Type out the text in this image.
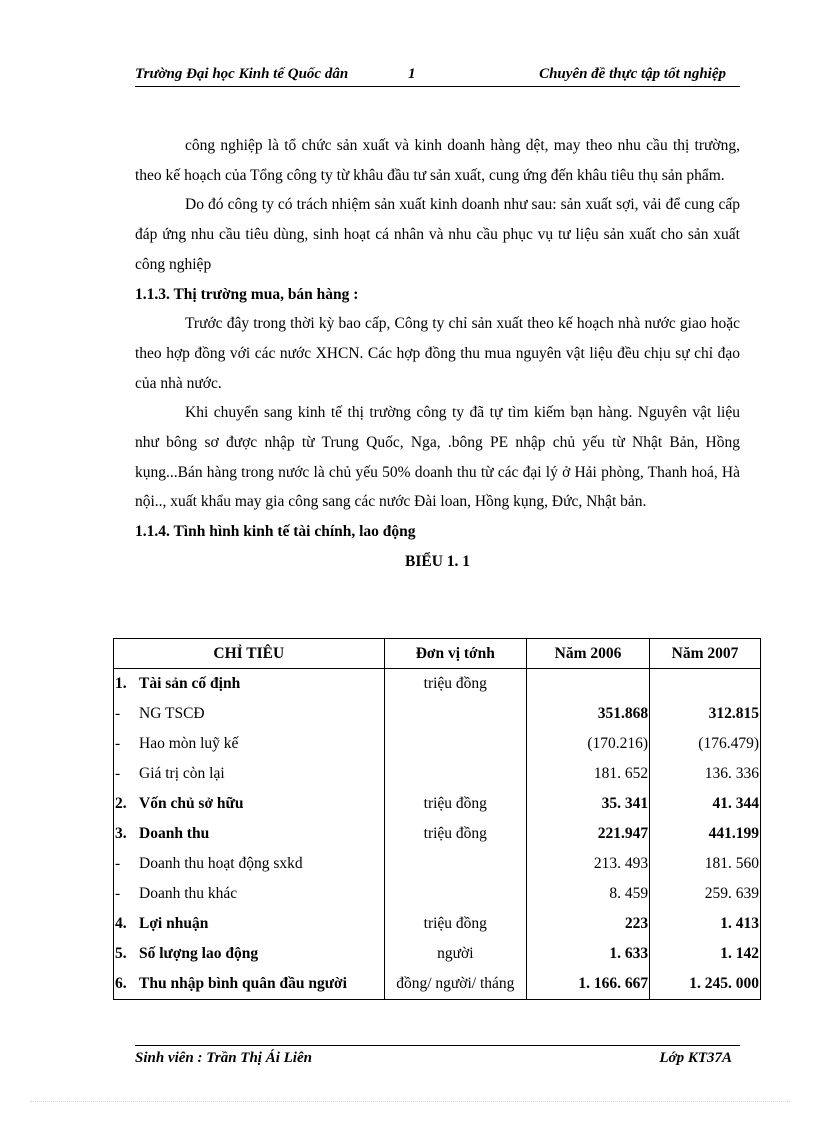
Trường Đại học Kinh tế Quốc dân	1	Chuyên đề thực tập tốt nghiệp

công nghiệp là tổ chức sản xuất và kinh doanh hàng dệt, may theo nhu cầu thị trường, theo kế hoạch của Tổng công ty từ khâu đầu tư sản xuất, cung ứng đến khâu tiêu thụ sản phẩm.

Do đó công ty có trách nhiệm sản xuất kinh doanh như sau: sản xuất sợi, vải để cung cấp đáp ứng nhu cầu tiêu dùng, sinh hoạt cá nhân và nhu cầu phục vụ tư liệu sản xuất cho sản xuất công nghiệp

1.1.3. Thị trường mua, bán hàng :

Trước đây trong thời kỳ bao cấp, Công ty chỉ sản xuất theo kế hoạch nhà nước giao hoặc theo hợp đồng với các nước XHCN. Các hợp đồng thu mua nguyên vật liệu đều chịu sự chỉ đạo của nhà nước.

Khi chuyển sang kinh tế thị trường công ty đã tự tìm kiếm bạn hàng. Nguyên vật liệu như bông sơ được nhập từ Trung Quốc, Nga, .bông PE nhập chủ yếu từ Nhật Bản, Hồng kụng...Bán hàng trong nước là chủ yếu 50% doanh thu từ các đại lý ở Hải phòng, Thanh hoá, Hà nội.., xuất khẩu may gia công sang các nước Đài loan, Hồng kụng, Đức, Nhật bản.

1.1.4. Tình hình kinh tế tài chính, lao động

BIỂU 1. 1

CHỈ TIÊU	Đơn vị tớnh	Năm 2006	Năm 2007
1. Tài sản cố định	triệu đồng		
- NG TSCĐ		351.868	312.815
- Hao mòn luỹ kế		(170.216)	(176.479)
- Giá trị còn lại		181. 652	136. 336
2. Vốn chủ sở hữu	triệu đồng	35. 341	41. 344
3. Doanh thu	triệu đồng	221.947	441.199
- Doanh thu hoạt động sxkd		213. 493	181. 560
- Doanh thu khác		8. 459	259. 639
4. Lợi nhuận	triệu đồng	223	1. 413
5. Số lượng lao động	người	1. 633	1. 142
6. Thu nhập bình quân đầu người	đồng/ người/ tháng	1. 166. 667	1. 245. 000
Sinh viên : Trần Thị Ái Liên	Lớp KT37A
